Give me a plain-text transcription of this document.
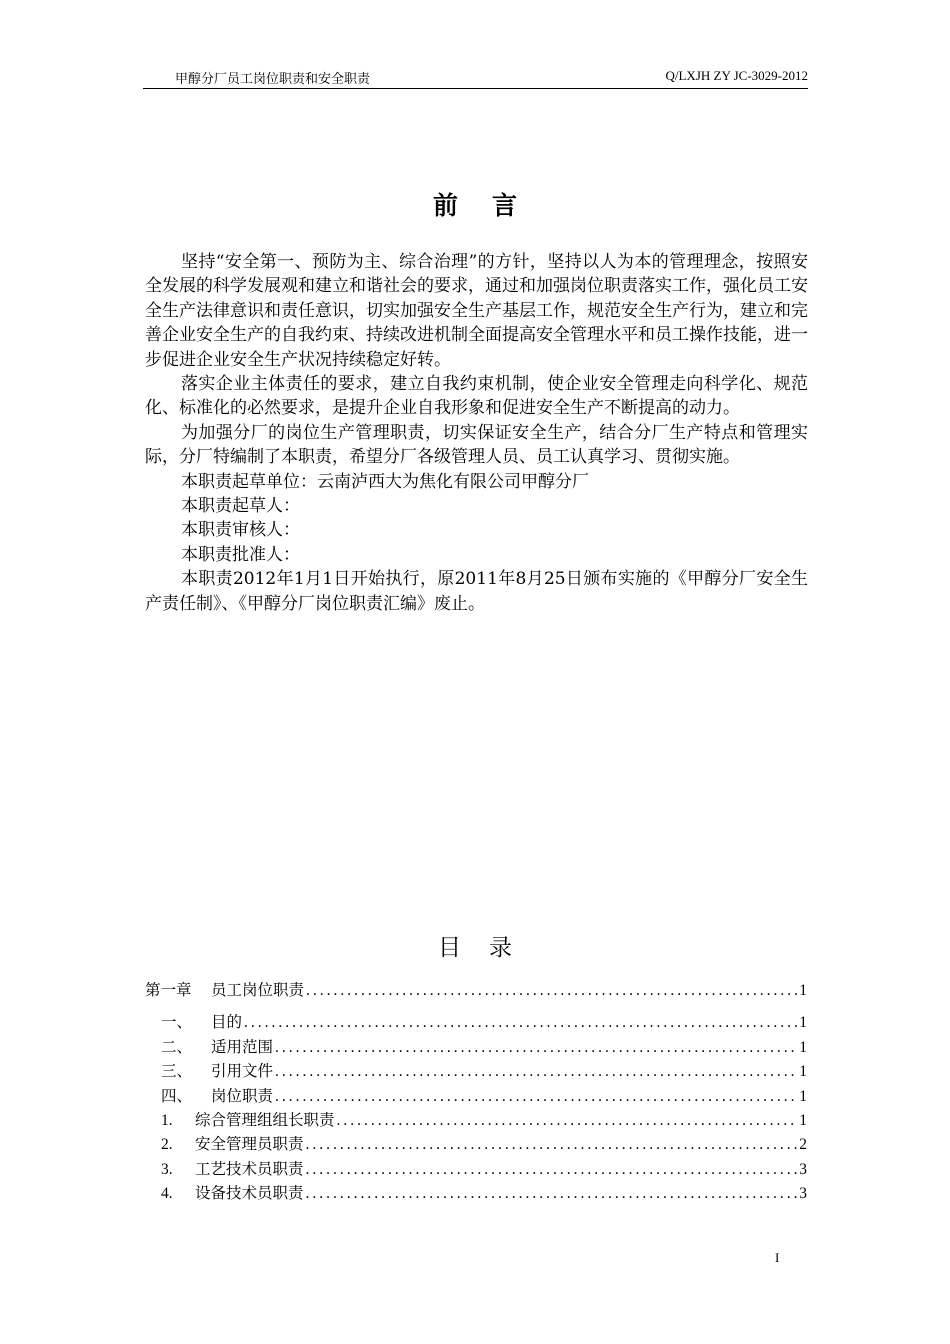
甲醇分厂员工岗位职责和安全职责	Q/LXJH ZY JC-3029-2012
前言

坚持“安全第一、预防为主、综合治理”的方针，坚持以人为本的管理理念，按照安全发展的科学发展观和建立和谐社会的要求，通过和加强岗位职责落实工作，强化员工安全生产法律意识和责任意识，切实加强安全生产基层工作，规范安全生产行为，建立和完善企业安全生产的自我约束、持续改进机制全面提高安全管理水平和员工操作技能，进一步促进企业安全生产状况持续稳定好转。

落实企业主体责任的要求，建立自我约束机制，使企业安全管理走向科学化、规范化、标准化的必然要求，是提升企业自我形象和促进安全生产不断提高的动力。

为加强分厂的岗位生产管理职责，切实保证安全生产，结合分厂生产特点和管理实际，分厂特编制了本职责，希望分厂各级管理人员、员工认真学习、贯彻实施。

本职责起草单位：云南泸西大为焦化有限公司甲醇分厂

本职责起草人：

本职责审核人：

本职责批准人：

本职责2012年1月1日开始执行，原2011年8月25日颁布实施的《甲醇分厂安全生产责任制》、《甲醇分厂岗位职责汇编》废止。

目录
第一章 员工岗位职责 .....	1
一、 目的 .....	1
二、 适用范围 .....	1
三、 引用文件 .....	1
四、 岗位职责 .....	1
1. 综合管理组组长职责 .....	1
2. 安全管理员职责 .....	2
3. 工艺技术员职责 .....	3
4. 设备技术员职责 .....	3
I
